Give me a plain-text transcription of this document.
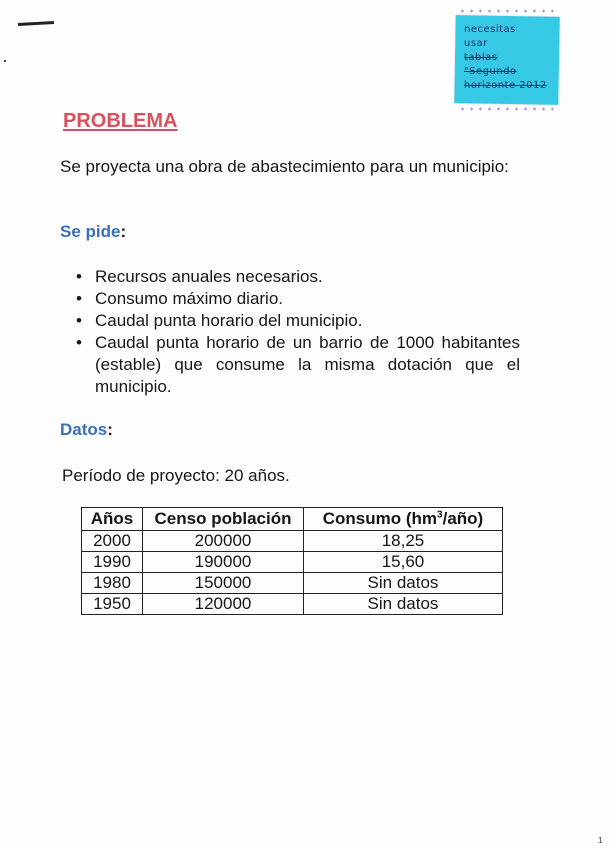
necesitas
usar
tablas
"Segundo
horizonte 2012
PROBLEMA
Se proyecta una obra de abastecimiento para un municipio:
Se pide:
• Recursos anuales necesarios.
• Consumo máximo diario.
• Caudal punta horario del municipio.
• Caudal punta horario de un barrio de 1000 habitantes (estable) que consume la misma dotación que el municipio.
Datos:
Período de proyecto: 20 años.
Años	Censo población	Consumo $(hm^3/año)$
2000	200000	18,25
1990	190000	15,60
1980	150000	Sin datos
1950	120000	Sin datos
1
